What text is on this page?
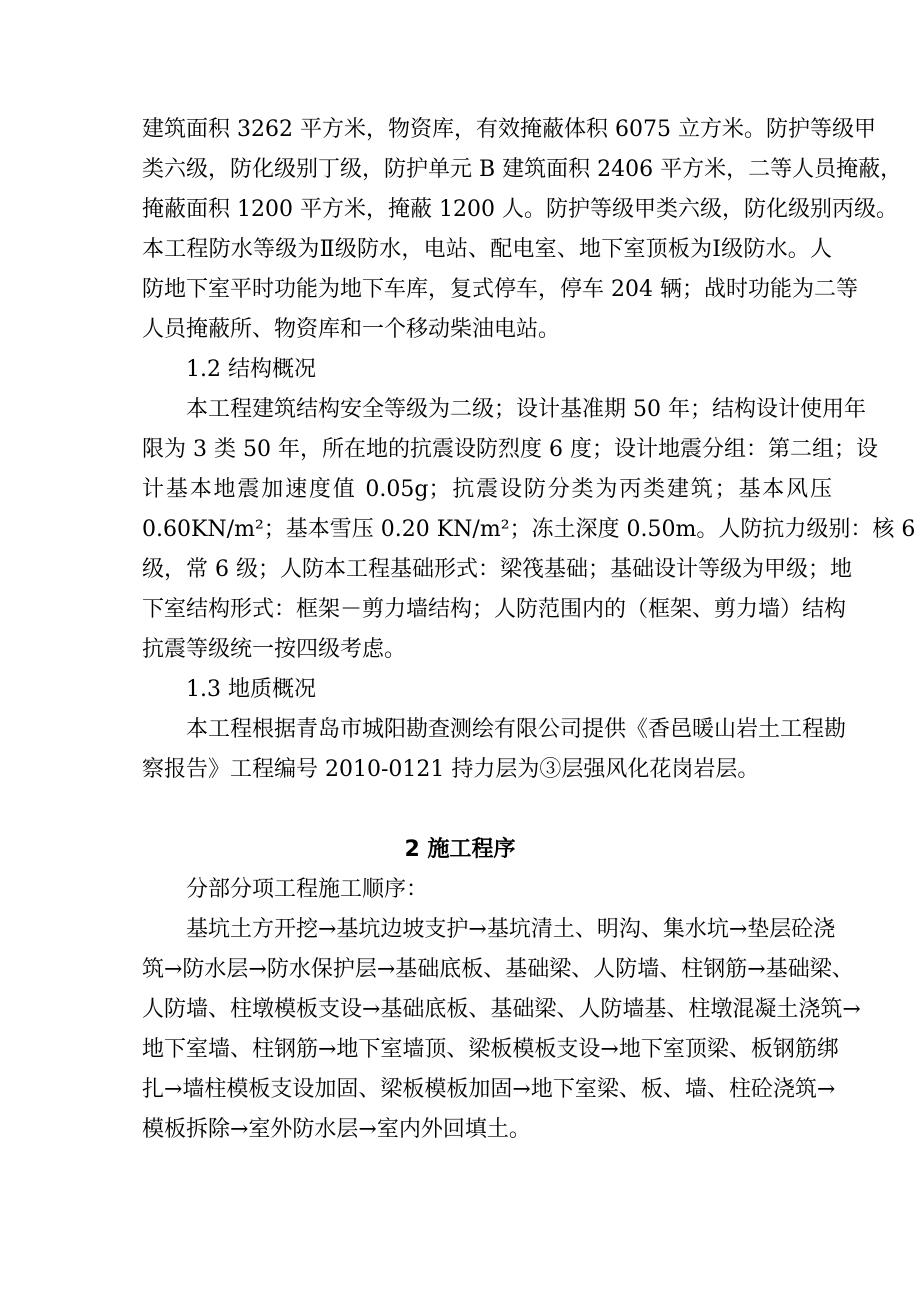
建筑面积 3262 平方米，物资库，有效掩蔽体积 6075 立方米。防护等级甲
类六级，防化级别丁级，防护单元 B 建筑面积 2406 平方米，二等人员掩蔽，
掩蔽面积 1200 平方米，掩蔽 1200 人。防护等级甲类六级，防化级别丙级。
本工程防水等级为Ⅱ级防水，电站、配电室、地下室顶板为Ⅰ级防水。人
防地下室平时功能为地下车库，复式停车，停车 204 辆；战时功能为二等
人员掩蔽所、物资库和一个移动柴油电站。
1.2 结构概况
本工程建筑结构安全等级为二级；设计基准期 50 年；结构设计使用年
限为 3 类 50 年，所在地的抗震设防烈度 6 度；设计地震分组：第二组；设
计基本地震加速度值 0.05g；抗震设防分类为丙类建筑；基本风压
0.60KN/m²；基本雪压 0.20 KN/m²；冻土深度 0.50m。人防抗力级别：核 6
级，常 6 级；人防本工程基础形式：梁筏基础；基础设计等级为甲级；地
下室结构形式：框架－剪力墙结构；人防范围内的（框架、剪力墙）结构
抗震等级统一按四级考虑。
1.3 地质概况
本工程根据青岛市城阳勘查测绘有限公司提供《香邑暖山岩土工程勘
察报告》工程编号 2010-0121 持力层为③层强风化花岗岩层。
2 施工程序
分部分项工程施工顺序：
基坑土方开挖→基坑边坡支护→基坑清土、明沟、集水坑→垫层砼浇
筑→防水层→防水保护层→基础底板、基础梁、人防墙、柱钢筋→基础梁、
人防墙、柱墩模板支设→基础底板、基础梁、人防墙基、柱墩混凝土浇筑→
地下室墙、柱钢筋→地下室墙顶、梁板模板支设→地下室顶梁、板钢筋绑
扎→墙柱模板支设加固、梁板模板加固→地下室梁、板、墙、柱砼浇筑→
模板拆除→室外防水层→室内外回填土。
